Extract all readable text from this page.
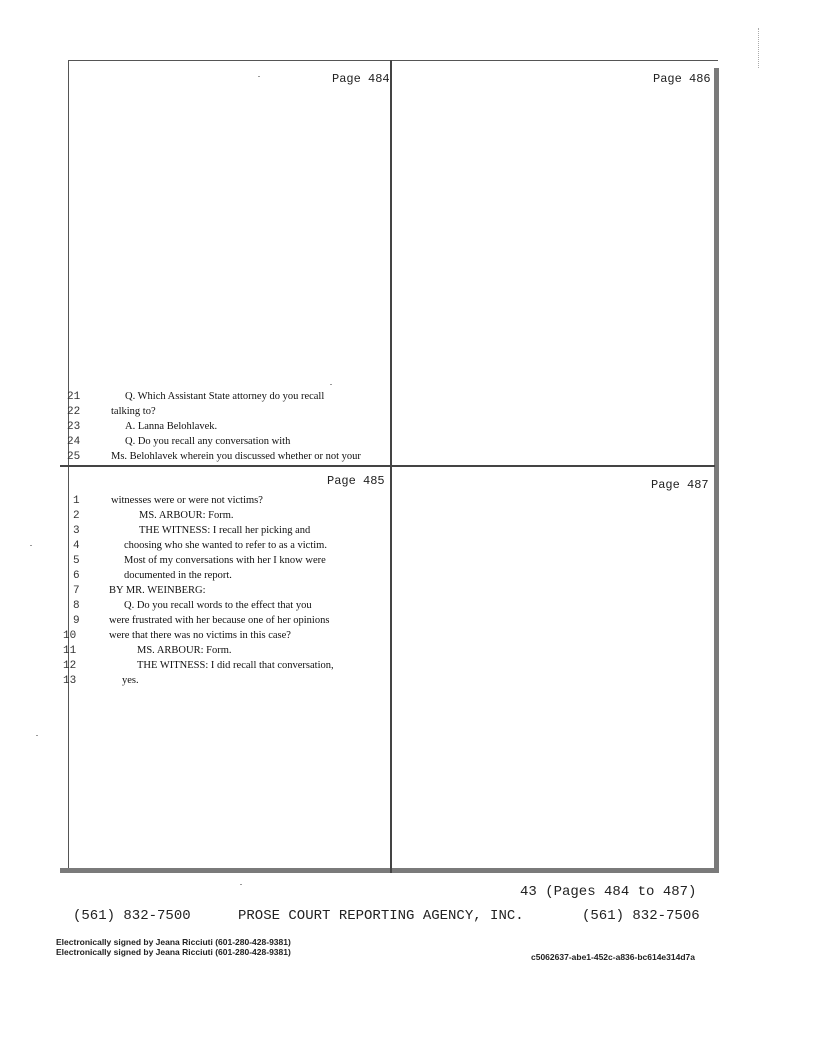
Page 484	Page 486
Page 485	Page 487
21	Q. Which Assistant State attorney do you recall
22	talking to?
23	A. Lanna Belohlavek.
24	Q. Do you recall any conversation with
25	Ms. Belohlavek wherein you discussed whether or not your
1	witnesses were or were not victims?
2	MS. ARBOUR: Form.
3	THE WITNESS: I recall her picking and
4	choosing who she wanted to refer to as a victim.
5	Most of my conversations with her I know were
6	documented in the report.
7	BY MR. WEINBERG:
8	Q. Do you recall words to the effect that you
9	were frustrated with her because one of her opinions
10	were that there was no victims in this case?
11	MS. ARBOUR: Form.
12	THE WITNESS: I did recall that conversation,
13	yes.
43 (Pages 484 to 487)
(561) 832-7500	PROSE COURT REPORTING AGENCY, INC.	(561) 832-7506
Electronically signed by Jeana Ricciuti (601-280-428-9381)
Electronically signed by Jeana Ricciuti (601-280-428-9381)	c5062637-abe1-452c-a836-bc614e314d7a
